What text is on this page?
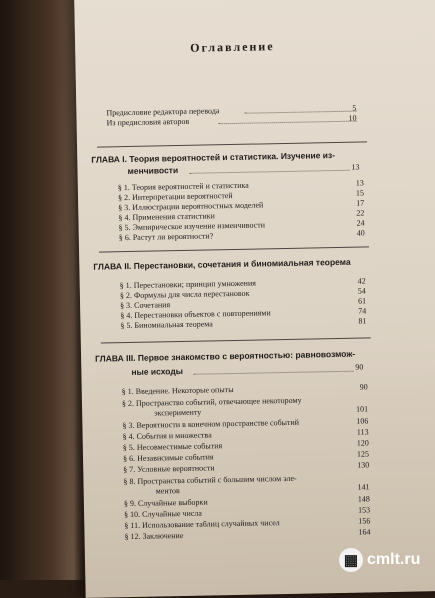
Оглавление
Предисловие редактора перевода	5
Из предисловия авторов	10
ГЛАВА I. Теория вероятностей и статистика. Изучение из-
менчивости	13
§ 1. Теория вероятностей и статистика	13
§ 2. Интерпретации вероятностей	15
§ 3. Иллюстрации вероятностных моделей	17
§ 4. Применения статистики	22
§ 5. Эмпирическое изучение изменчивости	24
§ 6. Растут ли вероятности?	40
ГЛАВА II. Перестановки, сочетания и биномиальная теорема
§ 1. Перестановки; принцип умножения	42
§ 2. Формулы для числа перестановок	54
§ 3. Сочетания	61
§ 4. Перестановки объектов с повторениями	74
§ 5. Биномиальная теорема	81
ГЛАВА III. Первое знакомство с вероятностью: равновозмож-
ные исходы	90
§ 1. Введение. Некоторые опыты	90
§ 2. Пространство событий, отвечающее некоторому
эксперименту	101
§ 3. Вероятности в конечном пространстве событий	106
§ 4. События и множества	113
§ 5. Несовместимые события	120
§ 6. Независимые события	125
§ 7. Условные вероятности	130
§ 8. Пространства событий с большим числом эле-
ментов	141
§ 9. Случайные выборки	148
§ 10. Случайные числа	153
§ 11. Использование таблиц случайных чисел	156
§ 12. Заключение	164
▦ cmlt.ru
